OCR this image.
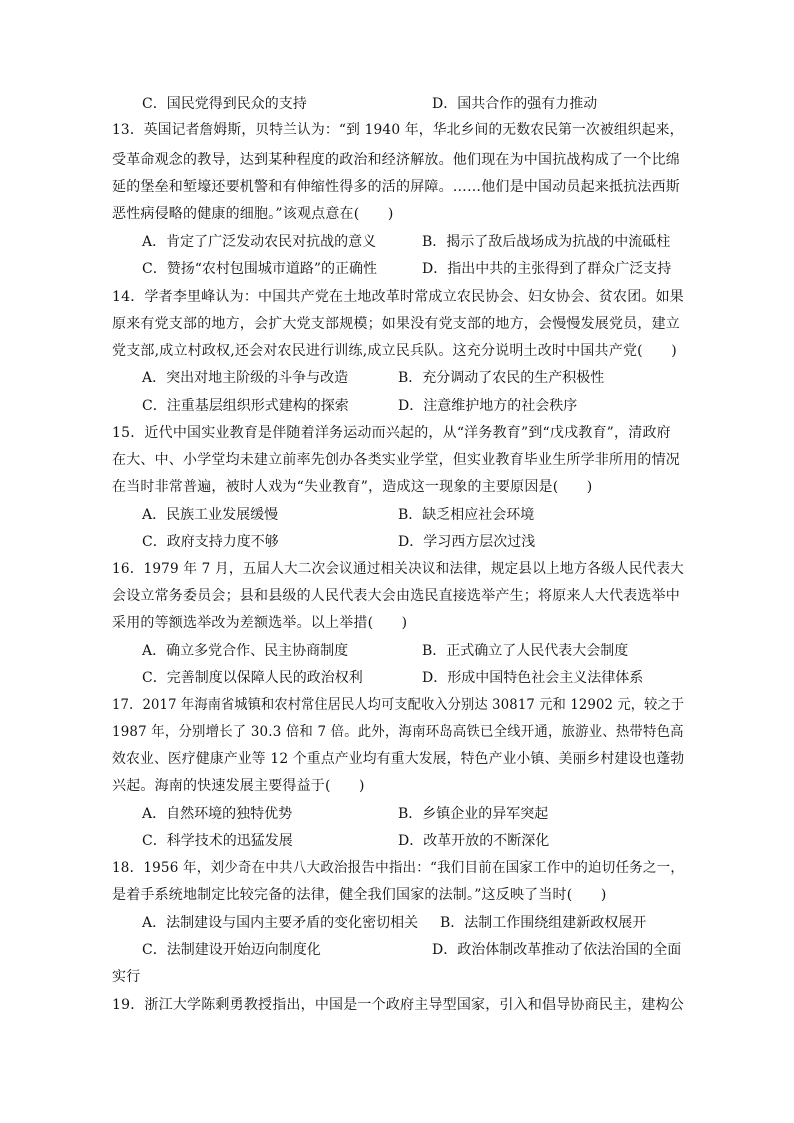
C．国民党得到民众的支持	D．国共合作的强有力推动
13．英国记者詹姆斯，贝特兰认为：“到 1940 年，华北乡间的无数农民第一次被组织起来，
受革命观念的教导，达到某种程度的政治和经济解放。他们现在为中国抗战构成了一个比绵
延的堡垒和堑壕还要机警和有伸缩性得多的活的屏障。……他们是中国动员起来抵抗法西斯
恶性病侵略的健康的细胞。”该观点意在(　　)
A．肯定了广泛发动农民对抗战的意义	B．揭示了敌后战场成为抗战的中流砥柱
C．赞扬“农村包围城市道路”的正确性	D．指出中共的主张得到了群众广泛支持
14．学者李里峰认为：中国共产党在土地改革时常成立农民协会、妇女协会、贫农团。如果
原来有党支部的地方，会扩大党支部规模；如果没有党支部的地方，会慢慢发展党员，建立
党支部,成立村政权,还会对农民进行训练,成立民兵队。这充分说明土改时中国共产党(　　)
A．突出对地主阶级的斗争与改造	B．充分调动了农民的生产积极性
C．注重基层组织形式建构的探索	D．注意维护地方的社会秩序
15．近代中国实业教育是伴随着洋务运动而兴起的，从“洋务教育”到“戊戌教育”，清政府
在大、中、小学堂均未建立前率先创办各类实业学堂，但实业教育毕业生所学非所用的情况
在当时非常普遍，被时人戏为“失业教育”，造成这一现象的主要原因是(　　)
A．民族工业发展缓慢	B．缺乏相应社会环境
C．政府支持力度不够	D．学习西方层次过浅
16．1979 年 7 月，五届人大二次会议通过相关决议和法律，规定县以上地方各级人民代表大
会设立常务委员会；县和县级的人民代表大会由选民直接选举产生；将原来人大代表选举中
采用的等额选举改为差额选举。以上举措(　　)
A．确立多党合作、民主协商制度	B．正式确立了人民代表大会制度
C．完善制度以保障人民的政治权利	D．形成中国特色社会主义法律体系
17．2017 年海南省城镇和农村常住居民人均可支配收入分别达 30817 元和 12902 元，较之于
1987 年，分别增长了 30.3 倍和 7 倍。此外，海南环岛高铁已全线开通，旅游业、热带特色高
效农业、医疗健康产业等 12 个重点产业均有重大发展，特色产业小镇、美丽乡村建设也蓬勃
兴起。海南的快速发展主要得益于(　　)
A．自然环境的独特优势	B．乡镇企业的异军突起
C．科学技术的迅猛发展	D．改革开放的不断深化
18．1956 年，刘少奇在中共八大政治报告中指出：“我们目前在国家工作中的迫切任务之一，
是着手系统地制定比较完备的法律，健全我们国家的法制。”这反映了当时(　　)
A．法制建设与国内主要矛盾的变化密切相关 B．法制工作围绕组建新政权展开
C．法制建设开始迈向制度化	D．政治体制改革推动了依法治国的全面
实行
19．浙江大学陈剩勇教授指出，中国是一个政府主导型国家，引入和倡导协商民主，建构公
